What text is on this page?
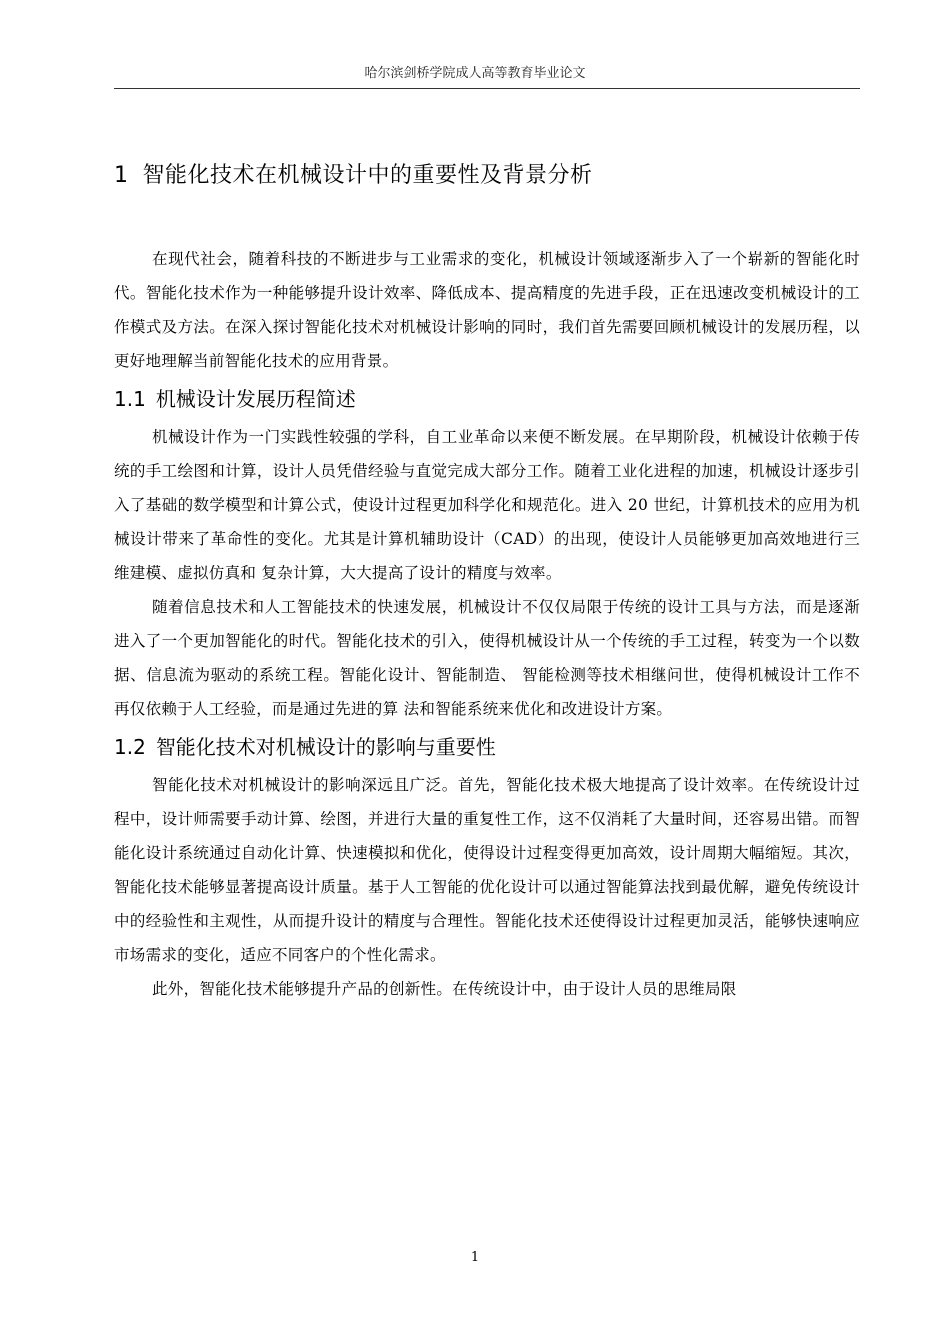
哈尔滨剑桥学院成人高等教育毕业论文
1 智能化技术在机械设计中的重要性及背景分析

在现代社会，随着科技的不断进步与工业需求的变化，机械设计领域逐渐步入了一个崭新的智能化时代。智能化技术作为一种能够提升设计效率、降低成本、提高精度的先进手段，正在迅速改变机械设计的工作模式及方法。在深入探讨智能化技术对机械设计影响的同时，我们首先需要回顾机械设计的发展历程，以更好地理解当前智能化技术的应用背景。

1.1 机械设计发展历程简述

机械设计作为一门实践性较强的学科，自工业革命以来便不断发展。在早期阶段，机械设计依赖于传统的手工绘图和计算，设计人员凭借经验与直觉完成大部分工作。随着工业化进程的加速，机械设计逐步引入了基础的数学模型和计算公式，使设计过程更加科学化和规范化。进入 20 世纪，计算机技术的应用为机械设计带来了革命性的变化。尤其是计算机辅助设计（CAD）的出现，使设计人员能够更加高效地进行三维建模、虚拟仿真和 复杂计算，大大提高了设计的精度与效率。

随着信息技术和人工智能技术的快速发展，机械设计不仅仅局限于传统的设计工具与方法，而是逐渐进入了一个更加智能化的时代。智能化技术的引入，使得机械设计从一个传统的手工过程，转变为一个以数据、信息流为驱动的系统工程。智能化设计、智能制造、 智能检测等技术相继问世，使得机械设计工作不再仅依赖于人工经验，而是通过先进的算 法和智能系统来优化和改进设计方案。

1.2 智能化技术对机械设计的影响与重要性

智能化技术对机械设计的影响深远且广泛。首先，智能化技术极大地提高了设计效率。在传统设计过程中，设计师需要手动计算、绘图，并进行大量的重复性工作，这不仅消耗了大量时间，还容易出错。而智能化设计系统通过自动化计算、快速模拟和优化，使得设计过程变得更加高效，设计周期大幅缩短。其次，智能化技术能够显著提高设计质量。基于人工智能的优化设计可以通过智能算法找到最优解，避免传统设计中的经验性和主观性，从而提升设计的精度与合理性。智能化技术还使得设计过程更加灵活，能够快速响应市场需求的变化，适应不同客户的个性化需求。

此外，智能化技术能够提升产品的创新性。在传统设计中，由于设计人员的思维局限

1
